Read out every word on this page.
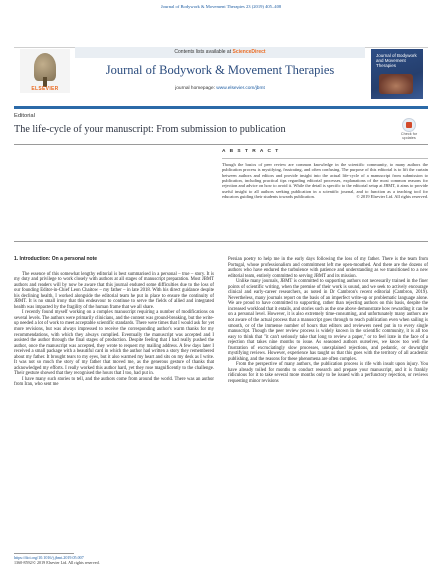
Journal of Bodywork & Movement Therapies 23 (2019) 405–408
ELSEVIER
Contents lists available at ScienceDirect
Journal of Bodywork & Movement Therapies
journal homepage: www.elsevier.com/jbmt
Journal of Bodywork and Movement Therapies
Editorial
The life-cycle of your manuscript: From submission to publication	Check for updates
A B S T R A C T
Though the basics of peer review are common knowledge in the scientific community, to many authors the publication process is mystifying, frustrating, and often confusing. The purpose of this editorial is to lift the curtain between authors and editors and provide insight into the actual life-cycle of a manuscript from submission to publication, including practical tips regarding editorial processes, explanations of the most common reasons for rejection and advice on how to avoid it. While the detail is specific to the editorial setup at JBMT, it aims to provide useful insight to all authors seeking publication in a scientific journal, and to function as a teaching tool for educators guiding their students towards publication.	© 2019 Elsevier Ltd. All rights reserved.
1. Introduction: On a personal note

The essence of this somewhat lengthy editorial is best summarised in a personal – true – story. It is my duty and privilege to work closely with authors at all stages of manuscript preparation. Most JBMT authors and readers will by now be aware that this journal endured some difficulties due to the loss of our founding Editor-in-Chief Leon Chaitow – my father – in late 2018. With his direct guidance despite his declining health, I worked alongside the editorial team he put in place to ensure the continuity of JBMT. It is no small irony that this endeavour to continue to serve the fields of allied and integrated health was impacted by the fragility of the human frame that we all share.

I recently found myself working on a complex manuscript requiring a number of modifications on several levels. The authors were primarily clinicians, and the content was ground-breaking, but the write-up needed a lot of work to meet acceptable scientific standards. There were times that I would ask for yet more revisions, but was always impressed to receive the corresponding author's warm thanks for my recommendations, with which they always complied. Eventually the manuscript was accepted and I assisted the author through the final stages of production. Despite feeling that I had really pushed the author, once the manuscript was accepted, they wrote to request my mailing address. A few days later I received a small package with a beautiful card in which the author had written a story they remembered about my father. It brought tears to my eyes, but it also warmed my heart and sits on my desk as I write. It was not so much the story of my father that moved me, as the generous gesture of thanks that acknowledged my efforts. I really worked this author hard, yet they rose magnificently to the challenge. Their gesture showed that they recognised the hours that I too, had put in.

I have many such stories to tell, and the authors come from around the world. There was an author from Iran, who sent me

Persian poetry to help me in the early days following the loss of my father. There is the team from Portugal, whose professionalism and commitment left me open-mouthed. And there are the dozens of authors who have endured the turbulence with patience and understanding as we transitioned to a new editorial team, entirely committed to serving JBMT and its mission.

Unlike many journals, JBMT is committed to supporting authors not necessarily trained in the finer points of scientific writing, when the premise of their work is sound, and we seek to actively encourage clinical and early-career researchers, as noted in Dr Cambron's recent editorial (Cambron, 2019). Nevertheless, many journals report on the basis of an imperfect write-up or problematic language alone. We are proud to have committed to supporting, rather than rejecting authors on this basis, despite the increased workload that it entails, and stories such as the one above demonstrate how rewarding it can be on a personal level. However, it is also extremely time-consuming, and unfortunately many authors are not aware of the actual process that a manuscript goes through to reach publication even when sailing is smooth, or of the immense number of hours that editors and reviewers need put in to every single manuscript. Though the peer review process is widely known in the scientific community, it is all too easy to think that "it can't seriously take that long to review a paper," or to feel irate in the face of a rejection that takes nine months to issue. As seasoned authors ourselves, we know too well the frustration of excruciatingly slow processes, unexplained rejections, and pedantic, or downright mystifying reviews. However, experience has taught us that this goes with the territory of all academic publishing, and the reasons for these phenomena are often complex.

From the perspective of many authors, the publication process is rife with insult upon injury. You have already toiled for months to conduct research and prepare your manuscript, and it is frankly ridiculous for it to take several more months only to be issued with a perfunctory rejection, or reviews requesting minor revisions

https://doi.org/10.1016/j.jbmt.2019.05.007
1360-8592/© 2019 Elsevier Ltd. All rights reserved.
